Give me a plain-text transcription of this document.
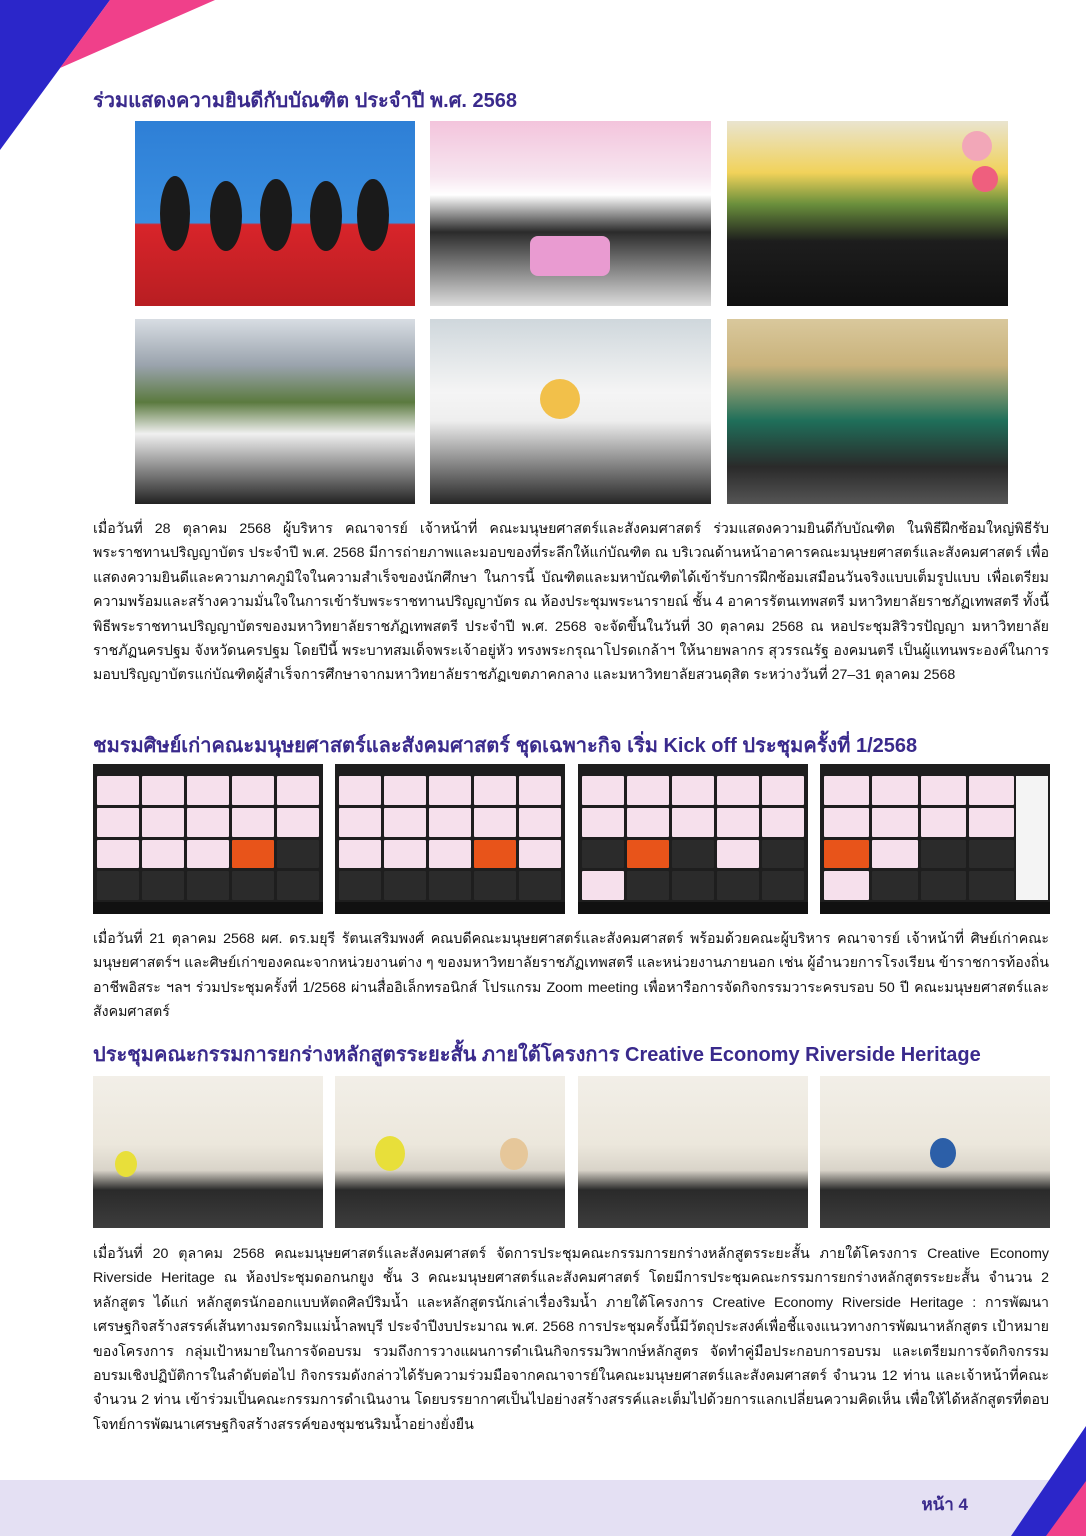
ร่วมแสดงความยินดีกับบัณฑิต ประจำปี พ.ศ. 2568
เมื่อวันที่ 28 ตุลาคม 2568 ผู้บริหาร คณาจารย์ เจ้าหน้าที่ คณะมนุษยศาสตร์และสังคมศาสตร์ ร่วมแสดงความยินดีกับบัณฑิต ในพิธีฝึกซ้อมใหญ่พิธีรับพระราชทานปริญญาบัตร ประจำปี พ.ศ. 2568 มีการถ่ายภาพและมอบของที่ระลึกให้แก่บัณฑิต ณ บริเวณด้านหน้าอาคารคณะมนุษยศาสตร์และสังคมศาสตร์ เพื่อแสดงความยินดีและความภาคภูมิใจในความสำเร็จของนักศึกษา ในการนี้ บัณฑิตและมหาบัณฑิตได้เข้ารับการฝึกซ้อมเสมือนวันจริงแบบเต็มรูปแบบ เพื่อเตรียมความพร้อมและสร้างความมั่นใจในการเข้ารับพระราชทานปริญญาบัตร ณ ห้องประชุมพระนารายณ์ ชั้น 4 อาคารรัตนเทพสตรี มหาวิทยาลัยราชภัฏเทพสตรี ทั้งนี้ พิธีพระราชทานปริญญาบัตรของมหาวิทยาลัยราชภัฏเทพสตรี ประจำปี พ.ศ. 2568 จะจัดขึ้นในวันที่ 30 ตุลาคม 2568 ณ หอประชุมสิริวรปัญญา มหาวิทยาลัยราชภัฏนครปฐม จังหวัดนครปฐม โดยปีนี้ พระบาทสมเด็จพระเจ้าอยู่หัว ทรงพระกรุณาโปรดเกล้าฯ ให้นายพลากร สุวรรณรัฐ องคมนตรี เป็นผู้แทนพระองค์ในการมอบปริญญาบัตรแก่บัณฑิตผู้สำเร็จการศึกษาจากมหาวิทยาลัยราชภัฏเขตภาคกลาง และมหาวิทยาลัยสวนดุสิต ระหว่างวันที่ 27–31 ตุลาคม 2568
ชมรมศิษย์เก่าคณะมนุษยศาสตร์และสังคมศาสตร์ ชุดเฉพาะกิจ เริ่ม Kick off ประชุมครั้งที่ 1/2568
เมื่อวันที่ 21 ตุลาคม 2568 ผศ. ดร.มยุรี รัตนเสริมพงศ์ คณบดีคณะมนุษยศาสตร์และสังคมศาสตร์ พร้อมด้วยคณะผู้บริหาร คณาจารย์ เจ้าหน้าที่ ศิษย์เก่าคณะมนุษยศาสตร์ฯ และศิษย์เก่าของคณะจากหน่วยงานต่าง ๆ ของมหาวิทยาลัยราชภัฏเทพสตรี และหน่วยงานภายนอก เช่น ผู้อำนวยการโรงเรียน ข้าราชการท้องถิ่น อาชีพอิสระ ฯลฯ ร่วมประชุมครั้งที่ 1/2568 ผ่านสื่ออิเล็กทรอนิกส์ โปรแกรม Zoom meeting เพื่อหารือการจัดกิจกรรมวาระครบรอบ 50 ปี คณะมนุษยศาสตร์และสังคมศาสตร์
ประชุมคณะกรรมการยกร่างหลักสูตรระยะสั้น ภายใต้โครงการ Creative Economy Riverside Heritage
เมื่อวันที่ 20 ตุลาคม 2568 คณะมนุษยศาสตร์และสังคมศาสตร์ จัดการประชุมคณะกรรมการยกร่างหลักสูตรระยะสั้น ภายใต้โครงการ Creative Economy Riverside Heritage ณ ห้องประชุมดอกนกยูง ชั้น 3 คณะมนุษยศาสตร์และสังคมศาสตร์ โดยมีการประชุมคณะกรรมการยกร่างหลักสูตรระยะสั้น จำนวน 2 หลักสูตร ได้แก่ หลักสูตรนักออกแบบหัตถศิลป์ริมน้ำ และหลักสูตรนักเล่าเรื่องริมน้ำ ภายใต้โครงการ Creative Economy Riverside Heritage : การพัฒนาเศรษฐกิจสร้างสรรค์เส้นทางมรดกริมแม่น้ำลพบุรี ประจำปีงบประมาณ พ.ศ. 2568 การประชุมครั้งนี้มีวัตถุประสงค์เพื่อชี้แจงแนวทางการพัฒนาหลักสูตร เป้าหมายของโครงการ กลุ่มเป้าหมายในการจัดอบรม รวมถึงการวางแผนการดำเนินกิจกรรมวิพากษ์หลักสูตร จัดทำคู่มือประกอบการอบรม และเตรียมการจัดกิจกรรมอบรมเชิงปฏิบัติการในลำดับต่อไป กิจกรรมดังกล่าวได้รับความร่วมมือจากคณาจารย์ในคณะมนุษยศาสตร์และสังคมศาสตร์ จำนวน 12 ท่าน และเจ้าหน้าที่คณะ จำนวน 2 ท่าน เข้าร่วมเป็นคณะกรรมการดำเนินงาน โดยบรรยากาศเป็นไปอย่างสร้างสรรค์และเต็มไปด้วยการแลกเปลี่ยนความคิดเห็น เพื่อให้ได้หลักสูตรที่ตอบโจทย์การพัฒนาเศรษฐกิจสร้างสรรค์ของชุมชนริมน้ำอย่างยั่งยืน
หน้า 4
